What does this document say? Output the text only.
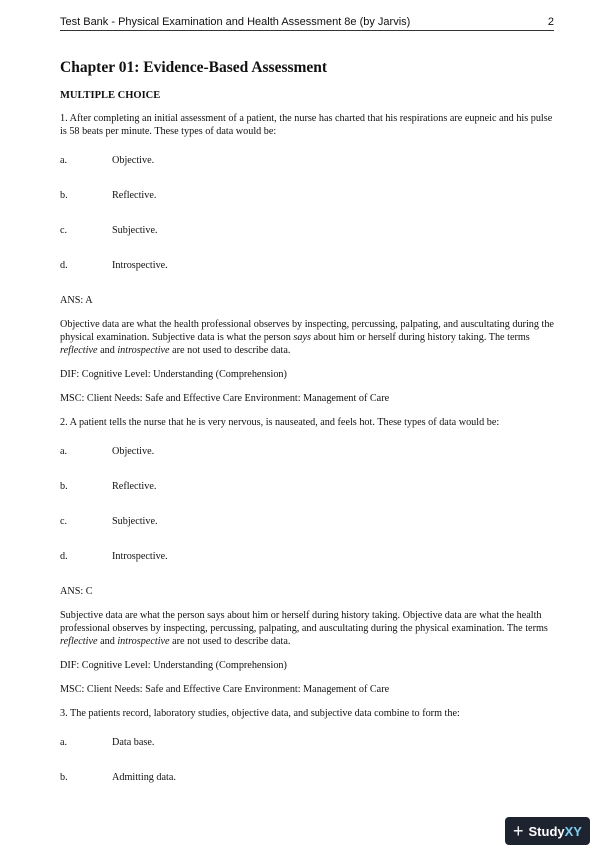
Test Bank - Physical Examination and Health Assessment 8e (by Jarvis)	2
Chapter 01: Evidence-Based Assessment

MULTIPLE CHOICE

1. After completing an initial assessment of a patient, the nurse has charted that his respirations are eupneic and his pulse is 58 beats per minute. These types of data would be:

a.	Objective.
b.	Reflective.
c.	Subjective.
d.	Introspective.

ANS: A

Objective data are what the health professional observes by inspecting, percussing, palpating, and auscultating during the physical examination. Subjective data is what the person says about him or herself during history taking. The terms reflective and introspective are not used to describe data.

DIF: Cognitive Level: Understanding (Comprehension)

MSC: Client Needs: Safe and Effective Care Environment: Management of Care

2. A patient tells the nurse that he is very nervous, is nauseated, and feels hot. These types of data would be:

a.	Objective.
b.	Reflective.
c.	Subjective.
d.	Introspective.

ANS: C

Subjective data are what the person says about him or herself during history taking. Objective data are what the health professional observes by inspecting, percussing, palpating, and auscultating during the physical examination. The terms reflective and introspective are not used to describe data.

DIF: Cognitive Level: Understanding (Comprehension)

MSC: Client Needs: Safe and Effective Care Environment: Management of Care

3. The patients record, laboratory studies, objective data, and subjective data combine to form the:

a.	Data base.
b.	Admitting data.
+ Study XY
